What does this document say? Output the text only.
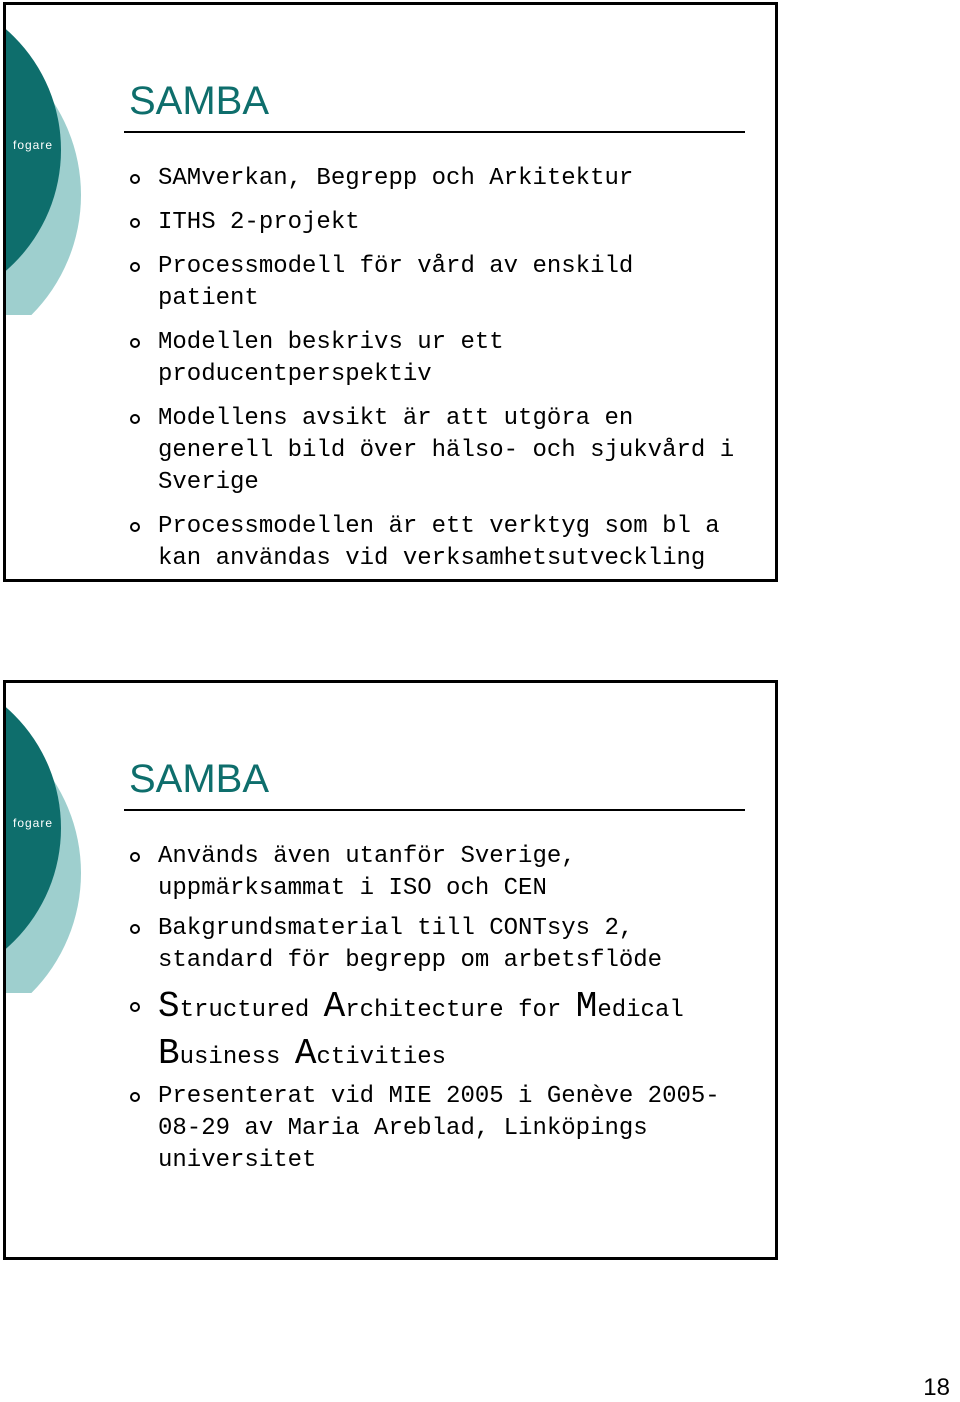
fogare
SAMBA
SAMverkan, Begrepp och Arkitektur
ITHS 2-projekt
Processmodell för vård av enskild patient
Modellen beskrivs ur ett producentperspektiv
Modellens avsikt är att utgöra en generell bild över hälso- och sjukvård i Sverige
Processmodellen är ett verktyg som bl a kan användas vid verksamhetsutveckling
fogare
SAMBA
Används även utanför Sverige, uppmärksammat i ISO och CEN
Bakgrundsmaterial till CONTsys 2, standard för begrepp om arbetsflöde
Structured Architecture for Medical Business Activities
Presenterat vid MIE 2005 i Genève 2005-08-29 av Maria Areblad, Linköpings universitet
18
